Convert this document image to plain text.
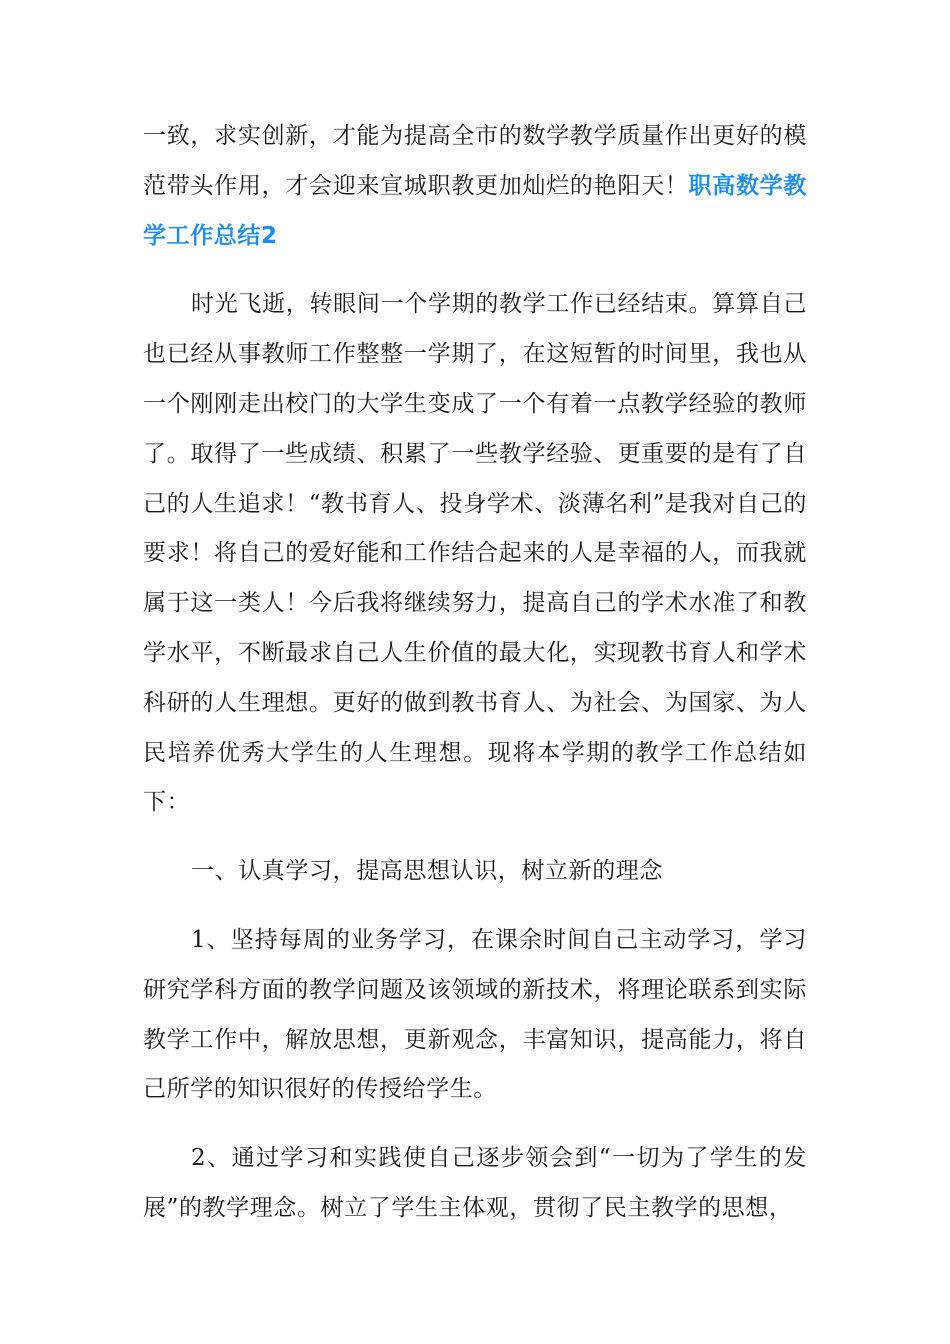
一致，求实创新，才能为提高全市的数学教学质量作出更好的模范带头作用，才会迎来宣城职教更加灿烂的艳阳天！职高数学教学工作总结2

时光飞逝，转眼间一个学期的教学工作已经结束。算算自己也已经从事教师工作整整一学期了，在这短暂的时间里，我也从一个刚刚走出校门的大学生变成了一个有着一点教学经验的教师了。取得了一些成绩、积累了一些教学经验、更重要的是有了自己的人生追求！“教书育人、投身学术、淡薄名利”是我对自己的要求！将自己的爱好能和工作结合起来的人是幸福的人，而我就属于这一类人！今后我将继续努力，提高自己的学术水准了和教学水平，不断最求自己人生价值的最大化，实现教书育人和学术科研的人生理想。更好的做到教书育人、为社会、为国家、为人民培养优秀大学生的人生理想。现将本学期的教学工作总结如下：

一、认真学习，提高思想认识，树立新的理念

1、坚持每周的业务学习，在课余时间自己主动学习，学习研究学科方面的教学问题及该领域的新技术，将理论联系到实际教学工作中，解放思想，更新观念，丰富知识，提高能力，将自己所学的知识很好的传授给学生。

2、通过学习和实践使自己逐步领会到“一切为了学生的发展”的教学理念。树立了学生主体观，贯彻了民主教学的思想，
